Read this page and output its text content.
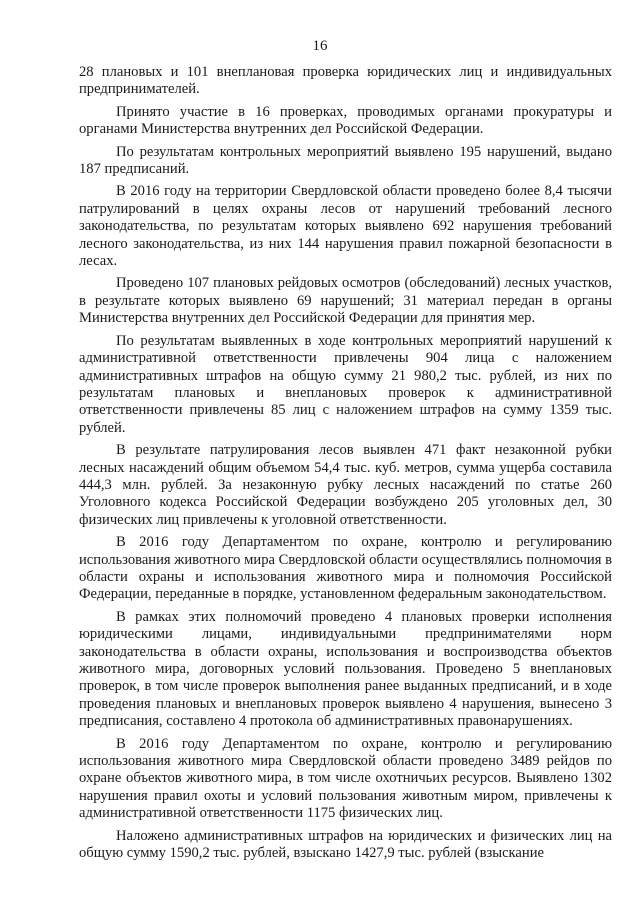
16

28 плановых и 101 внеплановая проверка юридических лиц и индивидуальных предпринимателей.

Принято участие в 16 проверках, проводимых органами прокуратуры и органами Министерства внутренних дел Российской Федерации.

По результатам контрольных мероприятий выявлено 195 нарушений, выдано 187 предписаний.

В 2016 году на территории Свердловской области проведено более 8,4 тысячи патрулирований в целях охраны лесов от нарушений требований лесного законодательства, по результатам которых выявлено 692 нарушения требований лесного законодательства, из них 144 нарушения правил пожарной безопасности в лесах.

Проведено 107 плановых рейдовых осмотров (обследований) лесных участков, в результате которых выявлено 69 нарушений; 31 материал передан в органы Министерства внутренних дел Российской Федерации для принятия мер.

По результатам выявленных в ходе контрольных мероприятий нарушений к административной ответственности привлечены 904 лица с наложением административных штрафов на общую сумму 21 980,2 тыс. рублей, из них по результатам плановых и внеплановых проверок к административной ответственности привлечены 85 лиц с наложением штрафов на сумму 1359 тыс. рублей.

В результате патрулирования лесов выявлен 471 факт незаконной рубки лесных насаждений общим объемом 54,4 тыс. куб. метров, сумма ущерба составила 444,3 млн. рублей. За незаконную рубку лесных насаждений по статье 260 Уголовного кодекса Российской Федерации возбуждено 205 уголовных дел, 30 физических лиц привлечены к уголовной ответственности.

В 2016 году Департаментом по охране, контролю и регулированию использования животного мира Свердловской области осуществлялись полномочия в области охраны и использования животного мира и полномочия Российской Федерации, переданные в порядке, установленном федеральным законодательством.

В рамках этих полномочий проведено 4 плановых проверки исполнения юридическими лицами, индивидуальными предпринимателями норм законодательства в области охраны, использования и воспроизводства объектов животного мира, договорных условий пользования. Проведено 5 внеплановых проверок, в том числе проверок выполнения ранее выданных предписаний, и в ходе проведения плановых и внеплановых проверок выявлено 4 нарушения, вынесено 3 предписания, составлено 4 протокола об административных правонарушениях.

В 2016 году Департаментом по охране, контролю и регулированию использования животного мира Свердловской области проведено 3489 рейдов по охране объектов животного мира, в том числе охотничьих ресурсов. Выявлено 1302 нарушения правил охоты и условий пользования животным миром, привлечены к административной ответственности 1175 физических лиц.

Наложено административных штрафов на юридических и физических лиц на общую сумму 1590,2 тыс. рублей, взыскано 1427,9 тыс. рублей (взыскание
